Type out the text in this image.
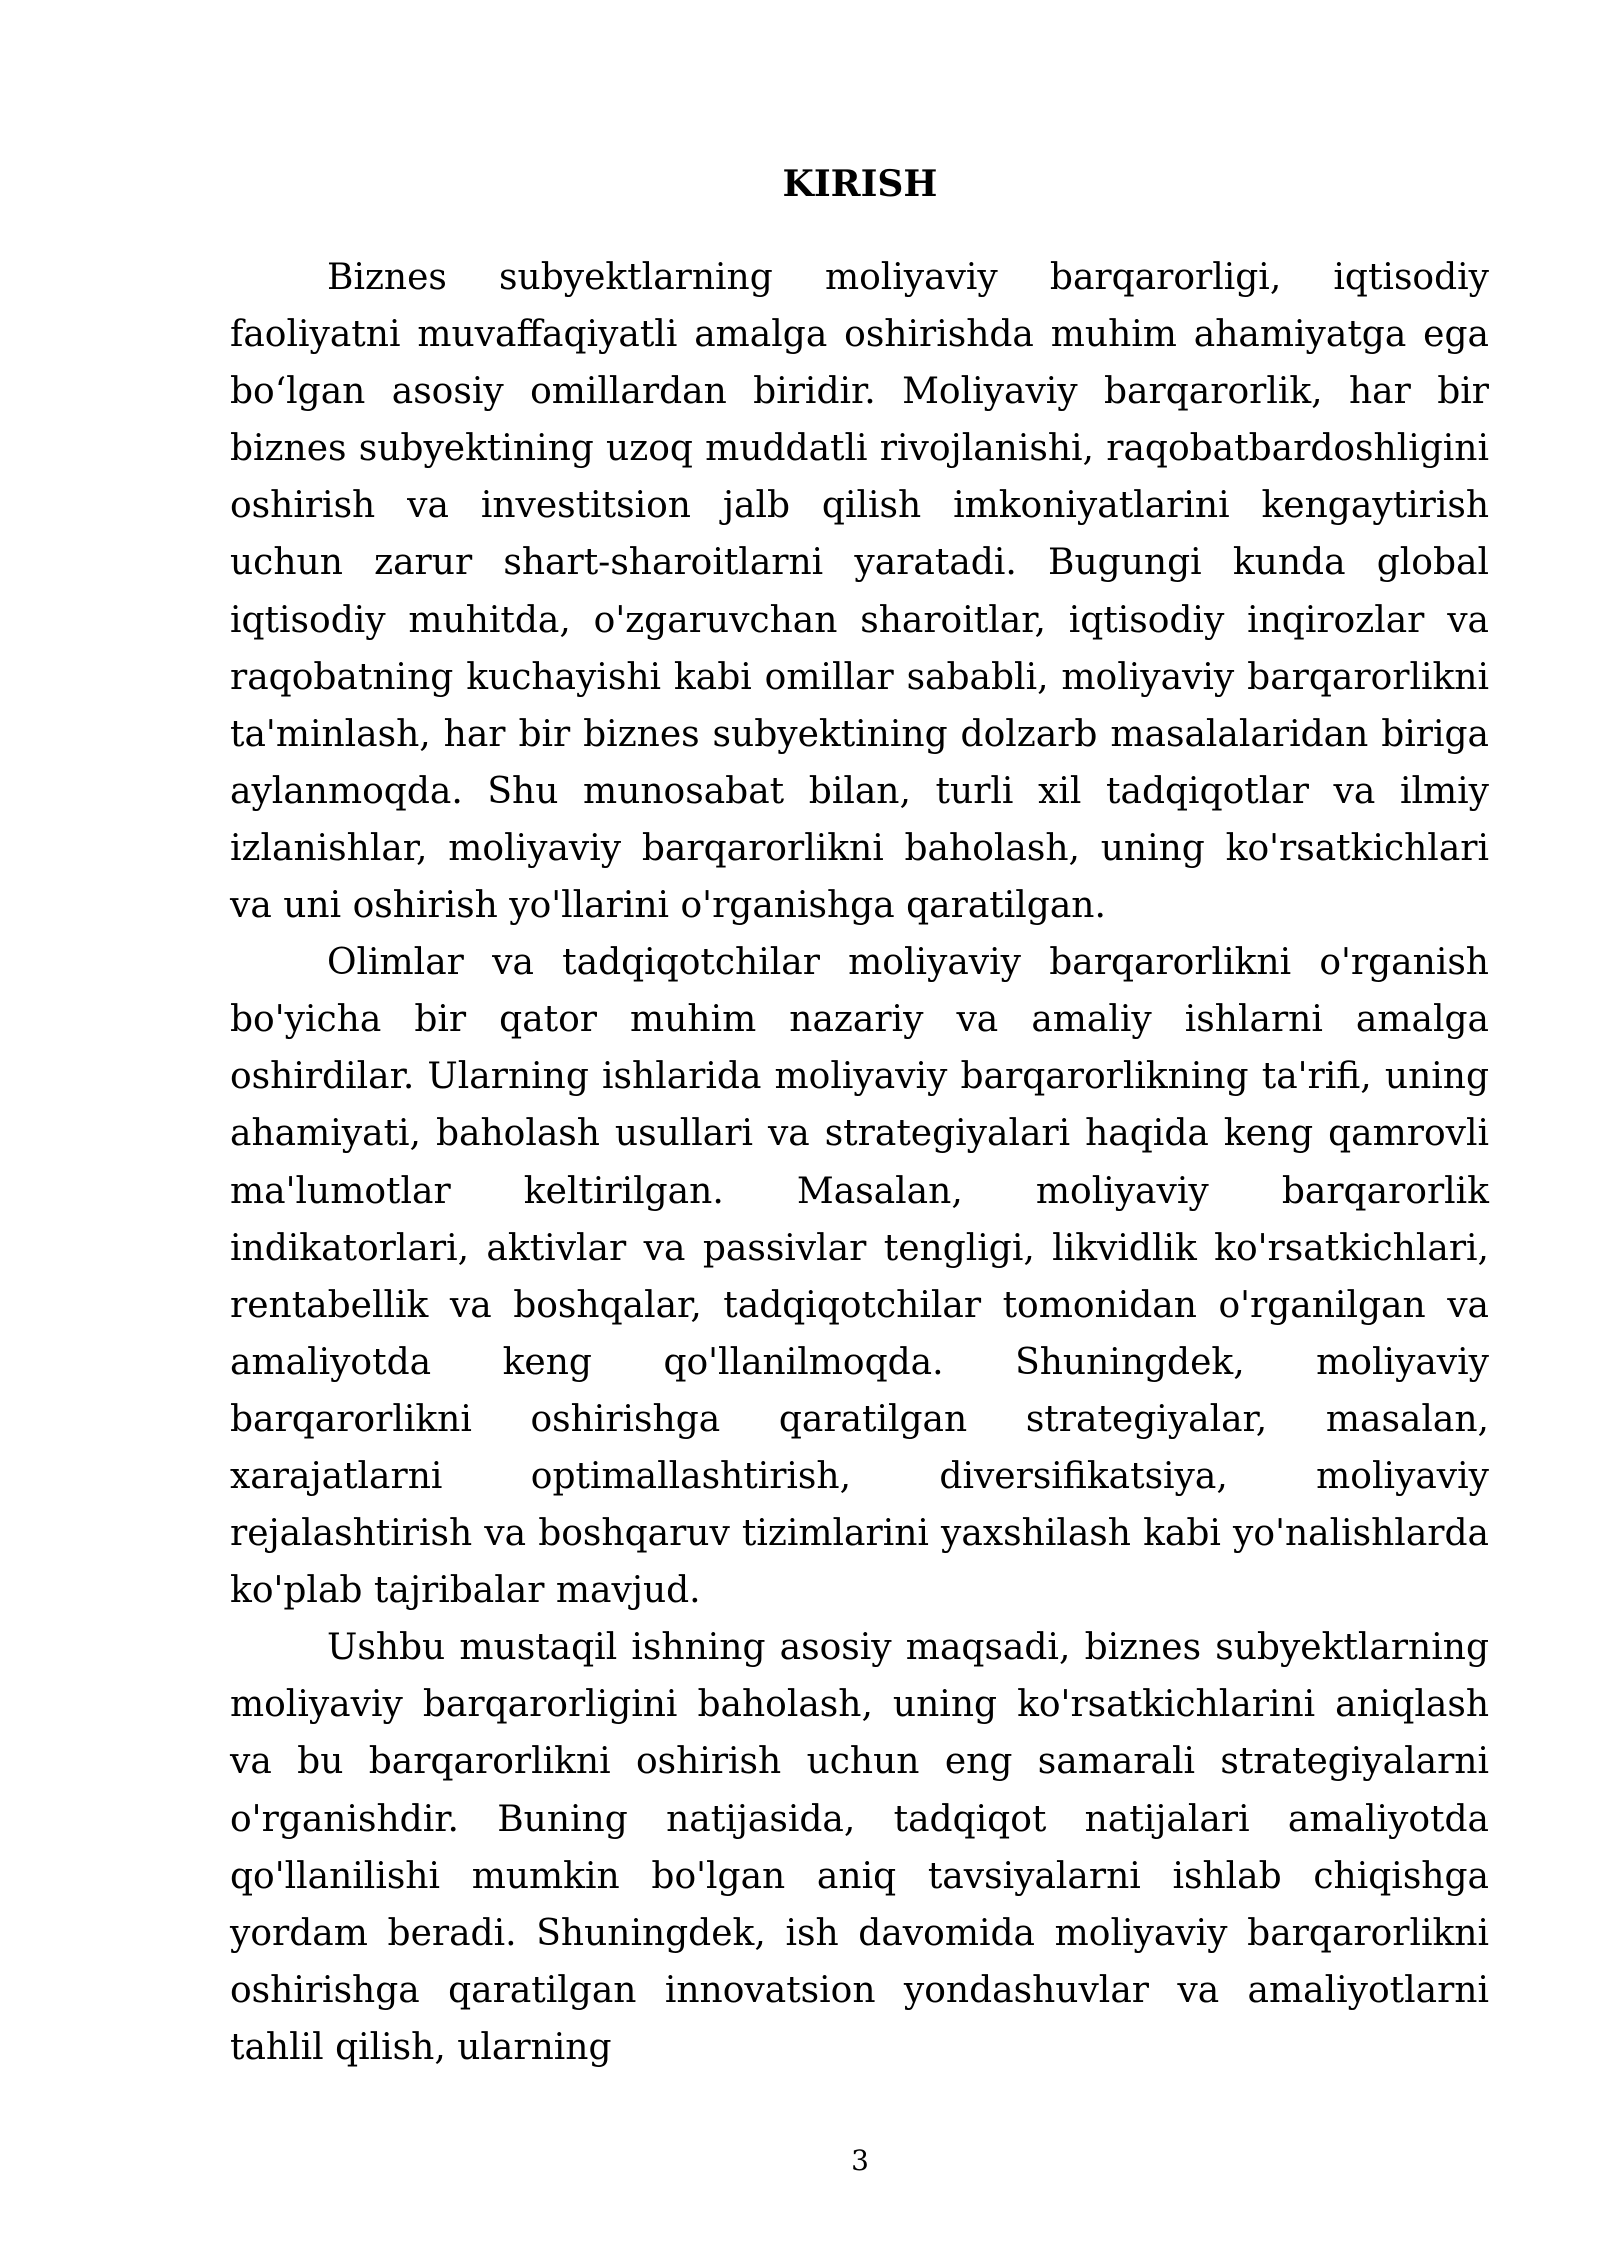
KIRISH

Biznes subyektlarning moliyaviy barqarorligi, iqtisodiy faoliyatni muvaffaqiyatli amalga oshirishda muhim ahamiyatga ega bo‘lgan asosiy omillardan biridir. Moliyaviy barqarorlik, har bir biznes subyektining uzoq muddatli rivojlanishi, raqobatbardoshligini oshirish va investitsion jalb qilish imkoniyatlarini kengaytirish uchun zarur shart-sharoitlarni yaratadi. Bugungi kunda global iqtisodiy muhitda, o'zgaruvchan sharoitlar, iqtisodiy inqirozlar va raqobatning kuchayishi kabi omillar sababli, moliyaviy barqarorlikni ta'minlash, har bir biznes subyektining dolzarb masalalaridan biriga aylanmoqda. Shu munosabat bilan, turli xil tadqiqotlar va ilmiy izlanishlar, moliyaviy barqarorlikni baholash, uning ko'rsatkichlari va uni oshirish yo'llarini o'rganishga qaratilgan.

Olimlar va tadqiqotchilar moliyaviy barqarorlikni o'rganish bo'yicha bir qator muhim nazariy va amaliy ishlarni amalga oshirdilar. Ularning ishlarida moliyaviy barqarorlikning ta'rifi, uning ahamiyati, baholash usullari va strategiyalari haqida keng qamrovli ma'lumotlar keltirilgan. Masalan, moliyaviy barqarorlik indikatorlari, aktivlar va passivlar tengligi, likvidlik ko'rsatkichlari, rentabellik va boshqalar, tadqiqotchilar tomonidan o'rganilgan va amaliyotda keng qo'llanilmoqda. Shuningdek, moliyaviy barqarorlikni oshirishga qaratilgan strategiyalar, masalan, xarajatlarni optimallashtirish, diversifikatsiya, moliyaviy rejalashtirish va boshqaruv tizimlarini yaxshilash kabi yo'nalishlarda ko'plab tajribalar mavjud.

Ushbu mustaqil ishning asosiy maqsadi, biznes subyektlarning moliyaviy barqarorligini baholash, uning ko'rsatkichlarini aniqlash va bu barqarorlikni oshirish uchun eng samarali strategiyalarni o'rganishdir. Buning natijasida, tadqiqot natijalari amaliyotda qo'llanilishi mumkin bo'lgan aniq tavsiyalarni ishlab chiqishga yordam beradi. Shuningdek, ish davomida moliyaviy barqarorlikni oshirishga qaratilgan innovatsion yondashuvlar va amaliyotlarni tahlil qilish, ularning

3
